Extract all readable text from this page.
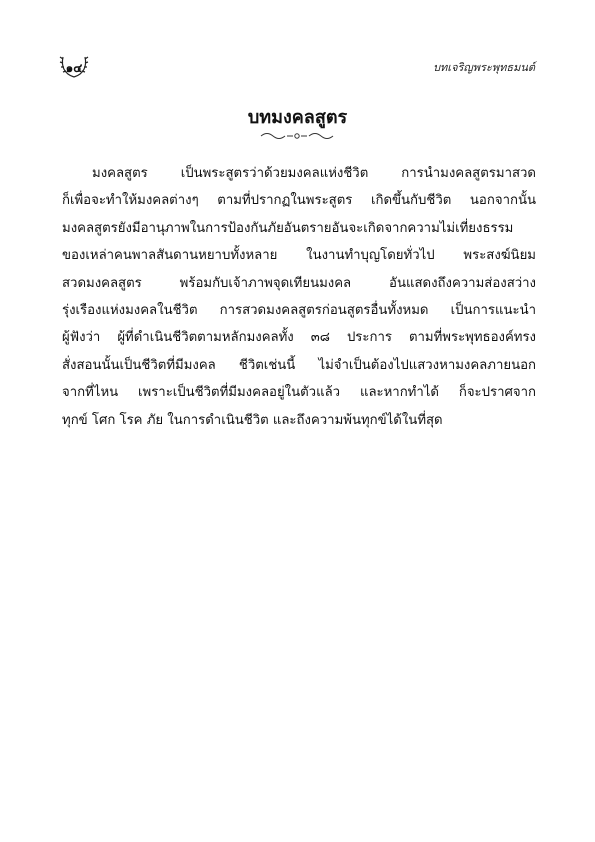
๑๔	บทเจริญพระพุทธมนต์
บทมงคลสูตร
มงคลสูตร เป็นพระสูตรว่าด้วยมงคลแห่งชีวิต การนำมงคลสูตรมาสวด
ก็เพื่อจะทำให้มงคลต่างๆ ตามที่ปรากฏในพระสูตร เกิดขึ้นกับชีวิต นอกจากนั้น
มงคลสูตรยังมีอานุภาพในการป้องกันภัยอันตรายอันจะเกิดจากความไม่เที่ยงธรรม
ของเหล่าคนพาลสันดานหยาบทั้งหลาย ในงานทำบุญโดยทั่วไป พระสงฆ์นิยม
สวดมงคลสูตร พร้อมกับเจ้าภาพจุดเทียนมงคล อันแสดงถึงความส่องสว่าง
รุ่งเรืองแห่งมงคลในชีวิต การสวดมงคลสูตรก่อนสูตรอื่นทั้งหมด เป็นการแนะนำ
ผู้ฟังว่า ผู้ที่ดำเนินชีวิตตามหลักมงคลทั้ง ๓๘ ประการ ตามที่พระพุทธองค์ทรง
สั่งสอนนั้นเป็นชีวิตที่มีมงคล ชีวิตเช่นนี้ ไม่จำเป็นต้องไปแสวงหามงคลภายนอก
จากที่ไหน เพราะเป็นชีวิตที่มีมงคลอยู่ในตัวแล้ว และหากทำได้ ก็จะปราศจาก
ทุกข์ โศก โรค ภัย ในการดำเนินชีวิต และถึงความพ้นทุกข์ได้ในที่สุด
